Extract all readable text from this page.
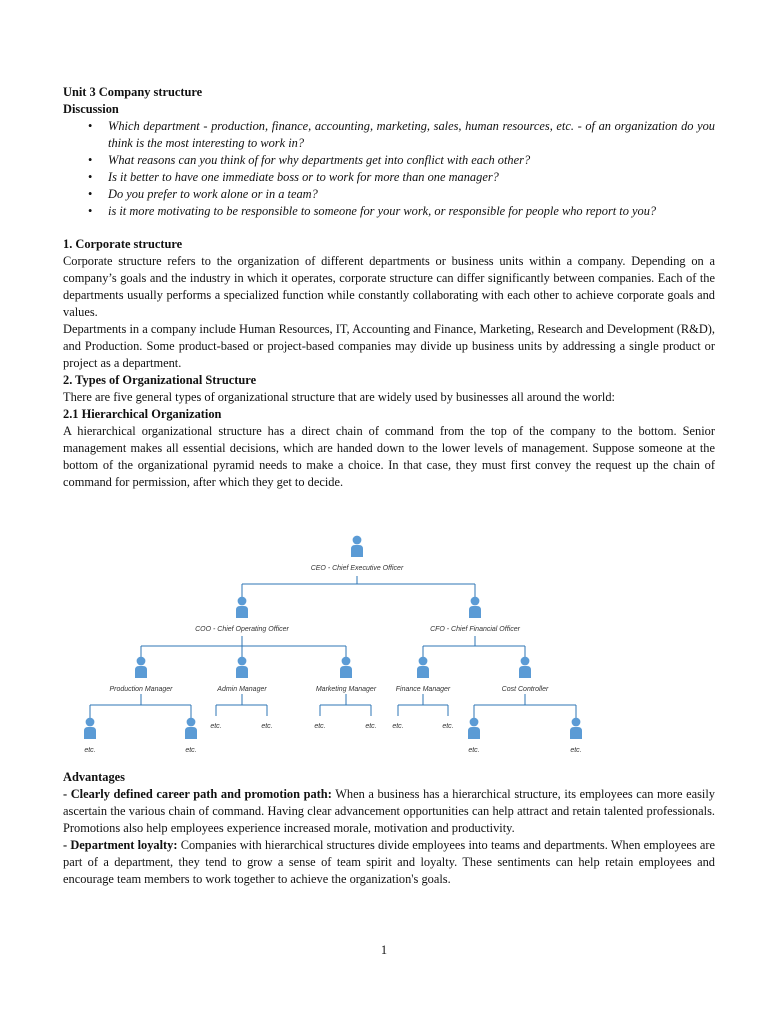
Unit 3 Company structure
Discussion
• Which department - production, finance, accounting, marketing, sales, human resources, etc. - of an organization do you think is the most interesting to work in?
• What reasons can you think of for why departments get into conflict with each other?
• Is it better to have one immediate boss or to work for more than one manager?
• Do you prefer to work alone or in a team?
• is it more motivating to be responsible to someone for your work, or responsible for people who report to you?
1. Corporate structure
Corporate structure refers to the organization of different departments or business units within a company. Depending on a company’s goals and the industry in which it operates, corporate structure can differ significantly between companies. Each of the departments usually performs a specialized function while constantly collaborating with each other to achieve corporate goals and values.
Departments in a company include Human Resources, IT, Accounting and Finance, Marketing, Research and Development (R&D), and Production. Some product-based or project-based companies may divide up business units by addressing a single product or project as a department.
2. Types of Organizational Structure
There are five general types of organizational structure that are widely used by businesses all around the world:
2.1 Hierarchical Organization
A hierarchical organizational structure has a direct chain of command from the top of the company to the bottom. Senior management makes all essential decisions, which are handed down to the lower levels of management. Suppose someone at the bottom of the organizational pyramid needs to make a choice. In that case, they must first convey the request up the chain of command for permission, after which they get to decide.
CEO - Chief Executive Officer
COO - Chief Operating Officer	CFO - Chief Financial Officer
Production Manager	Admin Manager	Marketing Manager	Finance Manager	Cost Controller
etc.	etc.
etc.	etc.	etc.	etc. etc.	etc.
etc.	etc.
Advantages
- Clearly defined career path and promotion path: When a business has a hierarchical structure, its employees can more easily ascertain the various chain of command. Having clear advancement opportunities can help attract and retain talented professionals. Promotions also help employees experience increased morale, motivation and productivity.
- Department loyalty: Companies with hierarchical structures divide employees into teams and departments. When employees are part of a department, they tend to grow a sense of team spirit and loyalty. These sentiments can help retain employees and encourage team members to work together to achieve the organization's goals.
1
